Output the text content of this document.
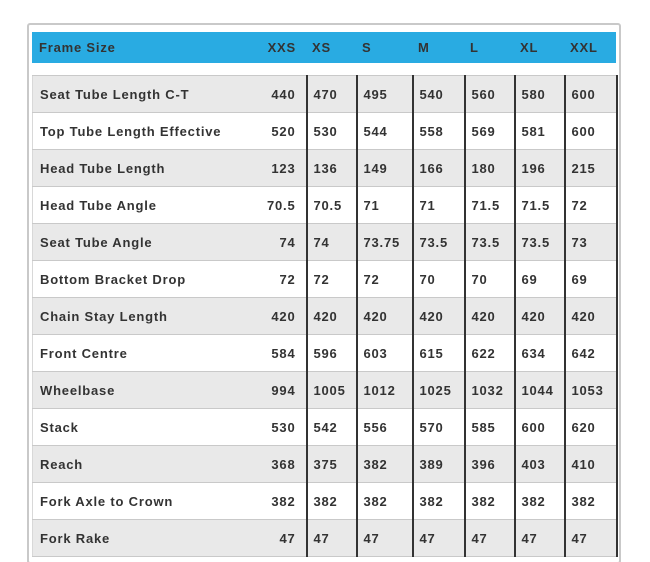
Frame Size	XXS	XS	S	M	L	XL	XXL
Seat Tube Length C-T	440	470	495	540	560	580	600
Top Tube Length Effective	520	530	544	558	569	581	600
Head Tube Length	123	136	149	166	180	196	215
Head Tube Angle	70.5	70.5	71	71	71.5	71.5	72
Seat Tube Angle	74	74	73.75	73.5	73.5	73.5	73
Bottom Bracket Drop	72	72	72	70	70	69	69
Chain Stay Length	420	420	420	420	420	420	420
Front Centre	584	596	603	615	622	634	642
Wheelbase	994	1005	1012	1025	1032	1044	1053
Stack	530	542	556	570	585	600	620
Reach	368	375	382	389	396	403	410
Fork Axle to Crown	382	382	382	382	382	382	382
Fork Rake	47	47	47	47	47	47	47
